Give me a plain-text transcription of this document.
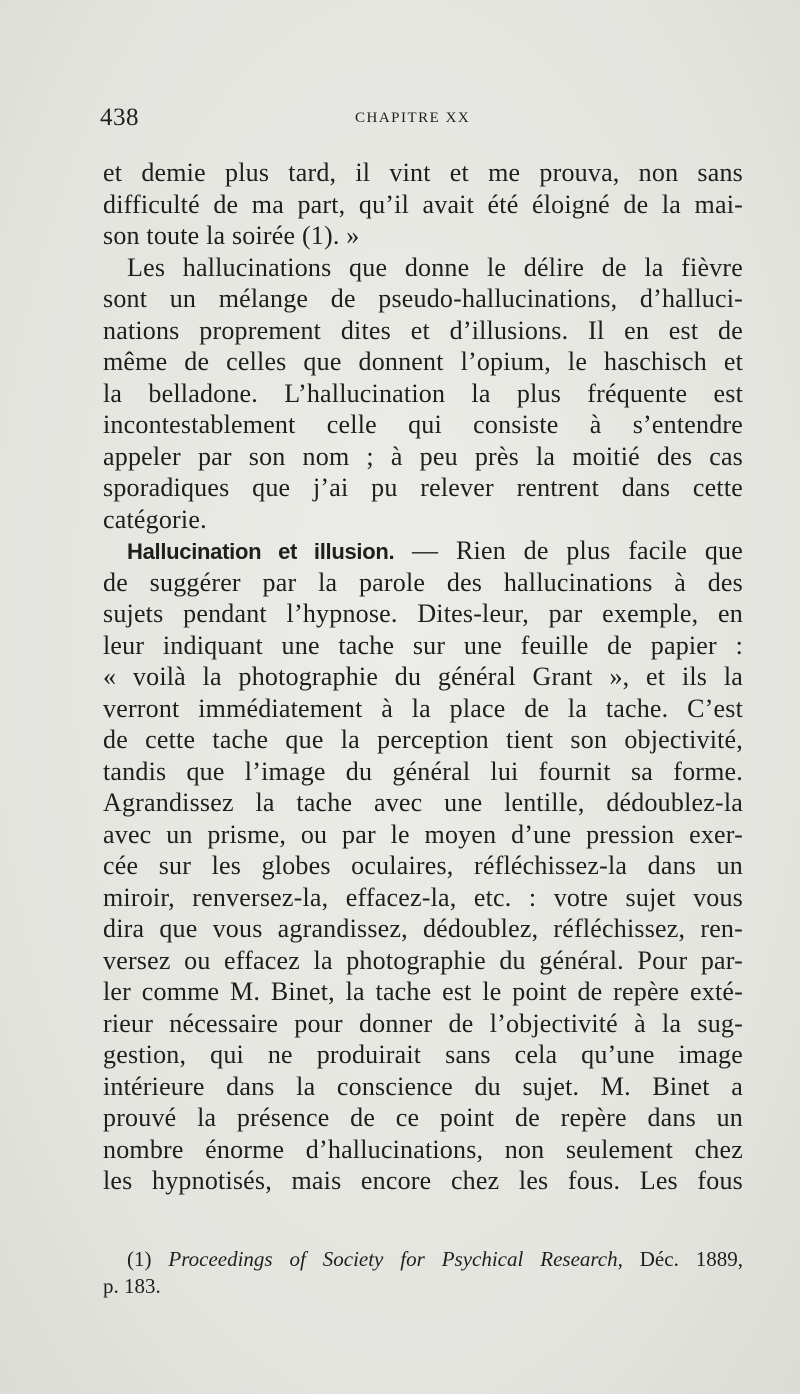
438	CHAPITRE XX
et demie plus tard, il vint et me prouva, non sans
difficulté de ma part, qu’il avait été éloigné de la mai-
son toute la soirée (1). »
Les hallucinations que donne le délire de la fièvre
sont un mélange de pseudo-hallucinations, d’halluci-
nations proprement dites et d’illusions. Il en est de
même de celles que donnent l’opium, le haschisch et
la belladone. L’hallucination la plus fréquente est
incontestablement celle qui consiste à s’entendre
appeler par son nom ; à peu près la moitié des cas
sporadiques que j’ai pu relever rentrent dans cette
catégorie.
Hallucination et illusion. — Rien de plus facile que
de suggérer par la parole des hallucinations à des
sujets pendant l’hypnose. Dites-leur, par exemple, en
leur indiquant une tache sur une feuille de papier :
« voilà la photographie du général Grant », et ils la
verront immédiatement à la place de la tache. C’est
de cette tache que la perception tient son objectivité,
tandis que l’image du général lui fournit sa forme.
Agrandissez la tache avec une lentille, dédoublez-la
avec un prisme, ou par le moyen d’une pression exer-
cée sur les globes oculaires, réfléchissez-la dans un
miroir, renversez-la, effacez-la, etc. : votre sujet vous
dira que vous agrandissez, dédoublez, réfléchissez, ren-
versez ou effacez la photographie du général. Pour par-
ler comme M. Binet, la tache est le point de repère exté-
rieur nécessaire pour donner de l’objectivité à la sug-
gestion, qui ne produirait sans cela qu’une image
intérieure dans la conscience du sujet. M. Binet a
prouvé la présence de ce point de repère dans un
nombre énorme d’hallucinations, non seulement chez
les hypnotisés, mais encore chez les fous. Les fous
(1) Proceedings of Society for Psychical Research, Déc. 1889,
p. 183.
